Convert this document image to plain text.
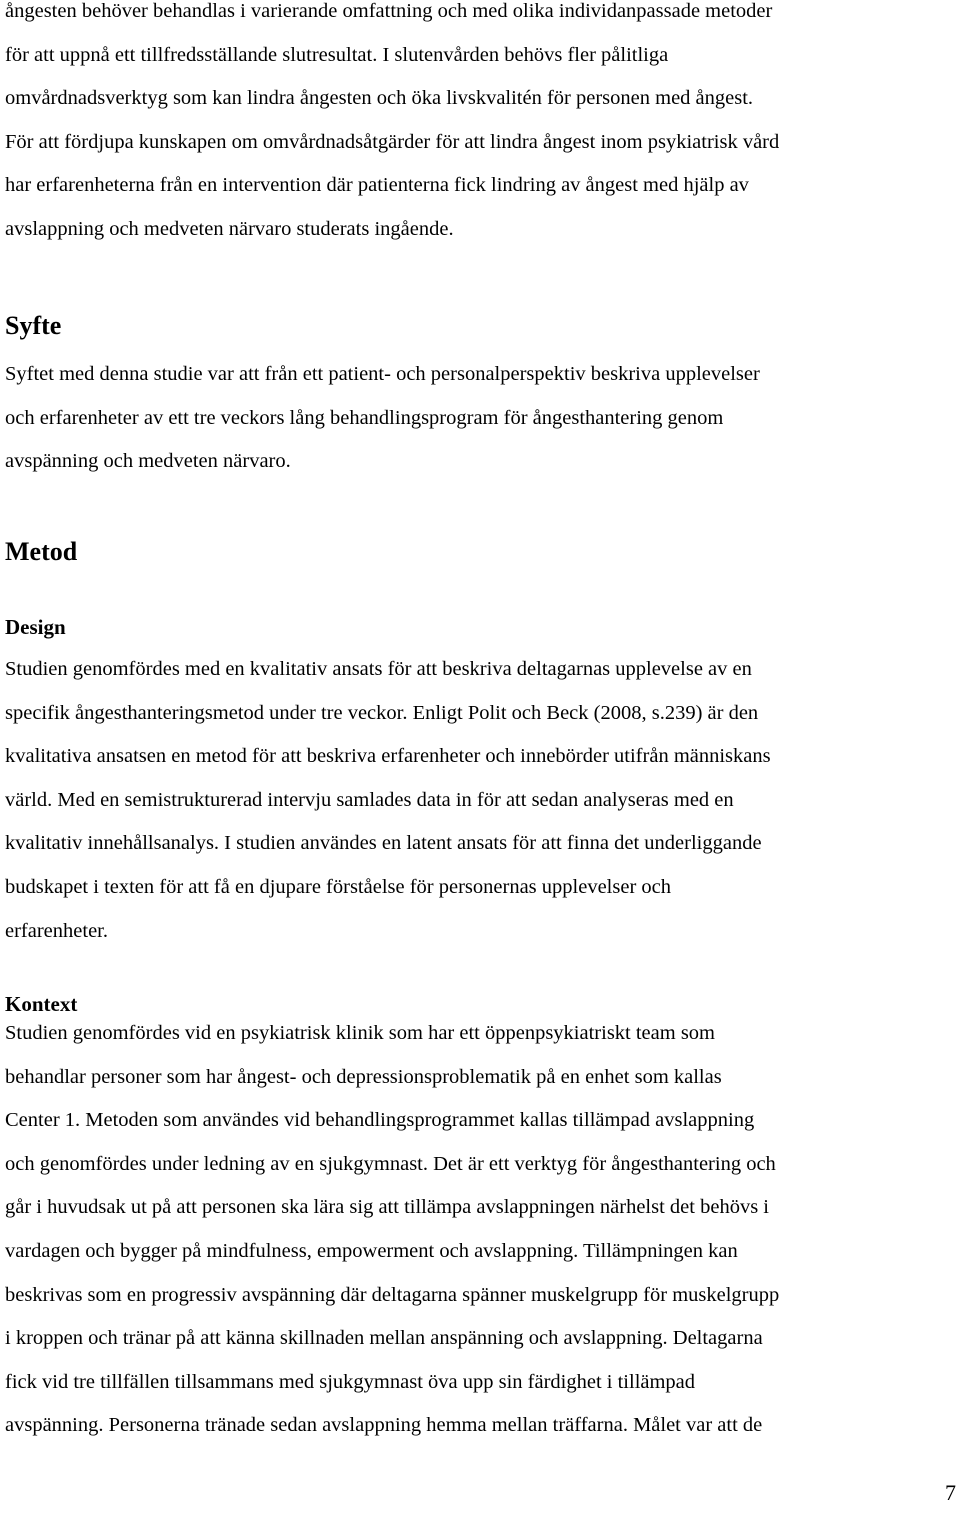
ångesten behöver behandlas i varierande omfattning och med olika individanpassade metoder
för att uppnå ett tillfredsställande slutresultat. I slutenvården behövs fler pålitliga
omvårdnadsverktyg som kan lindra ångesten och öka livskvalitén för personen med ångest.
För att fördjupa kunskapen om omvårdnadsåtgärder för att lindra ångest inom psykiatrisk vård
har erfarenheterna från en intervention där patienterna fick lindring av ångest med hjälp av
avslappning och medveten närvaro studerats ingående.
Syfte
Syftet med denna studie var att från ett patient- och personalperspektiv beskriva upplevelser
och erfarenheter av ett tre veckors lång behandlingsprogram för ångesthantering genom
avspänning och medveten närvaro.
Metod
Design
Studien genomfördes med en kvalitativ ansats för att beskriva deltagarnas upplevelse av en
specifik ångesthanteringsmetod under tre veckor. Enligt Polit och Beck (2008, s.239) är den
kvalitativa ansatsen en metod för att beskriva erfarenheter och innebörder utifrån människans
värld. Med en semistrukturerad intervju samlades data in för att sedan analyseras med en
kvalitativ innehållsanalys. I studien användes en latent ansats för att finna det underliggande
budskapet i texten för att få en djupare förståelse för personernas upplevelser och
erfarenheter.
Kontext
Studien genomfördes vid en psykiatrisk klinik som har ett öppenpsykiatriskt team som
behandlar personer som har ångest- och depressionsproblematik på en enhet som kallas
Center 1. Metoden som användes vid behandlingsprogrammet kallas tillämpad avslappning
och genomfördes under ledning av en sjukgymnast. Det är ett verktyg för ångesthantering och
går i huvudsak ut på att personen ska lära sig att tillämpa avslappningen närhelst det behövs i
vardagen och bygger på mindfulness, empowerment och avslappning. Tillämpningen kan
beskrivas som en progressiv avspänning där deltagarna spänner muskelgrupp för muskelgrupp
i kroppen och tränar på att känna skillnaden mellan anspänning och avslappning. Deltagarna
fick vid tre tillfällen tillsammans med sjukgymnast öva upp sin färdighet i tillämpad
avspänning. Personerna tränade sedan avslappning hemma mellan träffarna. Målet var att de
7
